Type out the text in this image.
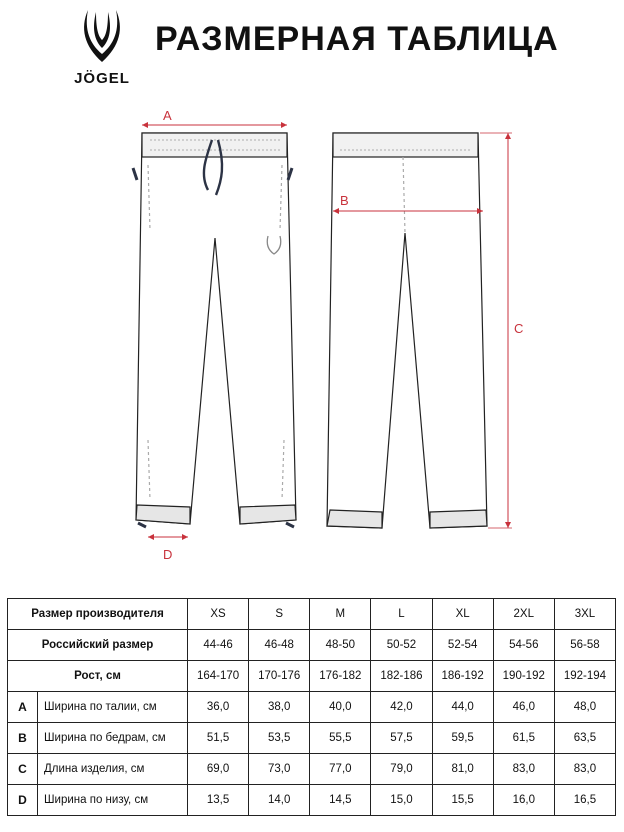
JÖGEL
РАЗМЕРНАЯ ТАБЛИЦА
A
B
C
D
Размер производителя		XS	S	M	L	XL	2XL	3XL
Российский размер		44-46	46-48	48-50	50-52	52-54	54-56	56-58
Рост, см		164-170	170-176	176-182	182-186	186-192	190-192	192-194
A	Ширина по талии, см	36,0	38,0	40,0	42,0	44,0	46,0	48,0
B	Ширина по бедрам, см	51,5	53,5	55,5	57,5	59,5	61,5	63,5
C	Длина изделия, см	69,0	73,0	77,0	79,0	81,0	83,0	83,0
D	Ширина по низу, см	13,5	14,0	14,5	15,0	15,5	16,0	16,5
